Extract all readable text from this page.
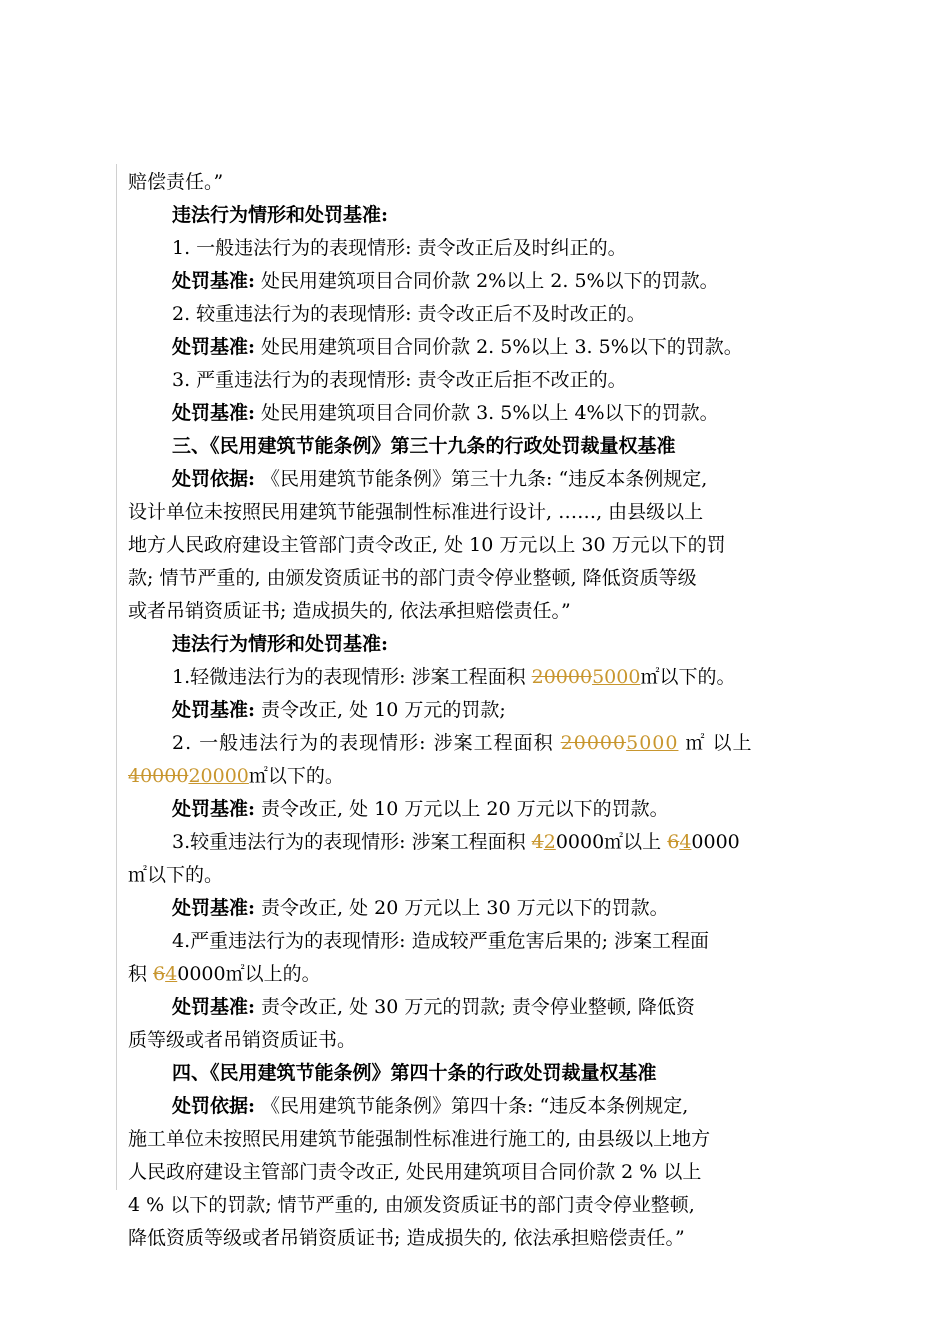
赔偿责任。”
违法行为情形和处罚基准:
1. 一般违法行为的表现情形: 责令改正后及时纠正的。
处罚基准: 处民用建筑项目合同价款 2%以上 2. 5%以下的罚款。
2. 较重违法行为的表现情形: 责令改正后不及时改正的。
处罚基准: 处民用建筑项目合同价款 2. 5%以上 3. 5%以下的罚款。
3. 严重违法行为的表现情形: 责令改正后拒不改正的。
处罚基准: 处民用建筑项目合同价款 3. 5%以上 4%以下的罚款。
三、《民用建筑节能条例》第三十九条的行政处罚裁量权基准
处罚依据: 《民用建筑节能条例》第三十九条: “违反本条例规定,
设计单位未按照民用建筑节能强制性标准进行设计, ……, 由县级以上
地方人民政府建设主管部门责令改正, 处 10 万元以上 30 万元以下的罚
款; 情节严重的, 由颁发资质证书的部门责令停业整顿, 降低资质等级
或者吊销资质证书; 造成损失的, 依法承担赔偿责任。”
违法行为情形和处罚基准:
1.轻微违法行为的表现情形: 涉案工程面积 200005000㎡以下的。
处罚基准: 责令改正, 处 10 万元的罚款;
2. 一般违法行为的表现情形: 涉案工程面积 200005000 ㎡ 以上
4000020000㎡以下的。
处罚基准: 责令改正, 处 10 万元以上 20 万元以下的罚款。
3.较重违法行为的表现情形: 涉案工程面积 420000㎡以上 640000
㎡以下的。
处罚基准: 责令改正, 处 20 万元以上 30 万元以下的罚款。
4.严重违法行为的表现情形: 造成较严重危害后果的; 涉案工程面
积 640000㎡以上的。
处罚基准: 责令改正, 处 30 万元的罚款; 责令停业整顿, 降低资
质等级或者吊销资质证书。
四、《民用建筑节能条例》第四十条的行政处罚裁量权基准
处罚依据: 《民用建筑节能条例》第四十条: “违反本条例规定,
施工单位未按照民用建筑节能强制性标准进行施工的, 由县级以上地方
人民政府建设主管部门责令改正, 处民用建筑项目合同价款 2 % 以上
4 % 以下的罚款; 情节严重的, 由颁发资质证书的部门责令停业整顿,
降低资质等级或者吊销资质证书; 造成损失的, 依法承担赔偿责任。”
